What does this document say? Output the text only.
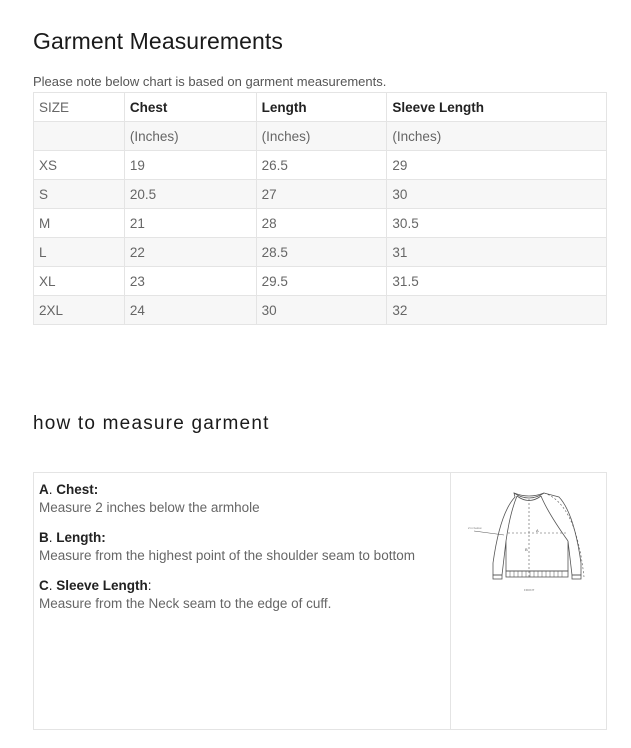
Garment Measurements
Please note below chart is based on garment measurements.
SIZE	Chest	Length	Sleeve Length
	(Inches)	(Inches)	(Inches)
XS	19	26.5	29
S	20.5	27	30
M	21	28	30.5
L	22	28.5	31
XL	23	29.5	31.5
2XL	24	30	32
how to measure garment
A. Chest:
Measure 2 inches below the armhole
B. Length:
Measure from the highest point of the shoulder seam to bottom
C. Sleeve Length:
Measure from the Neck seam to the edge of cuff.
A
B
2 in below
FRONT
